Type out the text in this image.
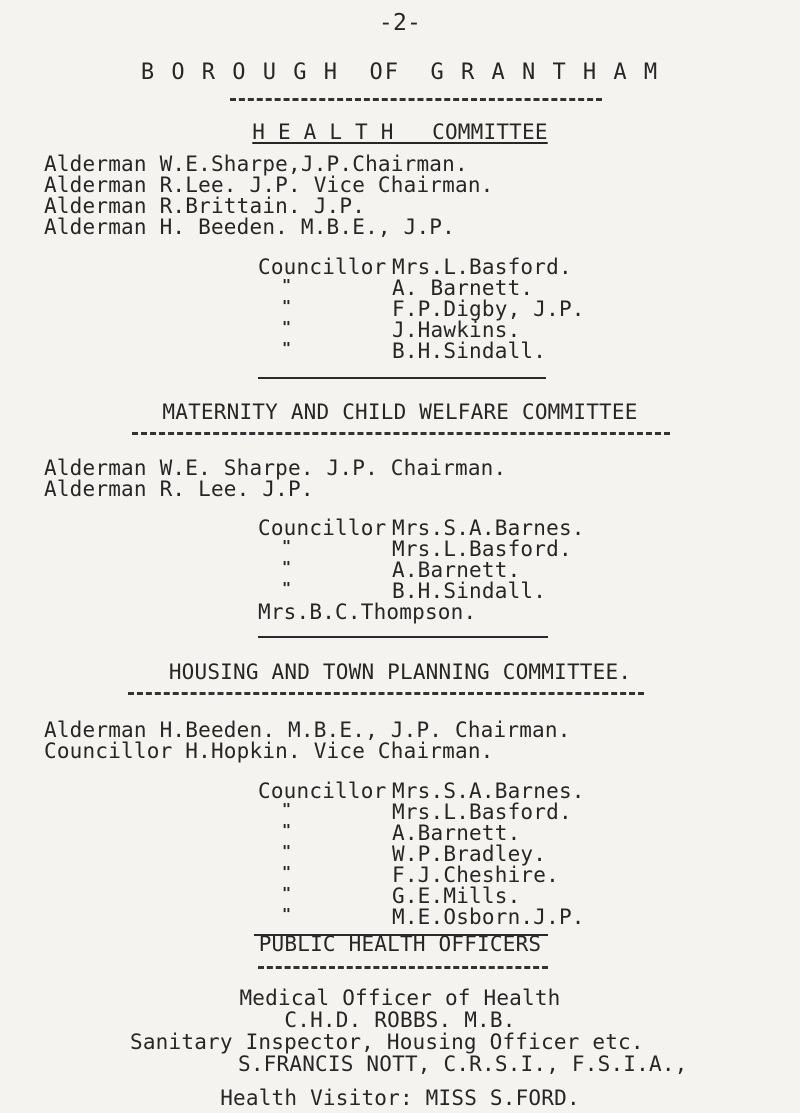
-2-
B O R O U G H  OF  G R A N T H A M
H E A L T H   COMMITTEE
Alderman W.E.Sharpe,J.P.Chairman.
Alderman R.Lee. J.P. Vice Chairman.
Alderman R.Brittain. J.P.
Alderman H. Beeden. M.B.E., J.P.
Councillor Mrs.L.Basford.
"	A. Barnett.
"	F.P.Digby, J.P.
"	J.Hawkins.
"	B.H.Sindall.
MATERNITY AND CHILD WELFARE COMMITTEE
Alderman W.E. Sharpe. J.P. Chairman.
Alderman R. Lee. J.P.
Councillor Mrs.S.A.Barnes.
"	Mrs.L.Basford.
"	A.Barnett.
"	B.H.Sindall.
Mrs.B.C.Thompson.
HOUSING AND TOWN PLANNING COMMITTEE.
Alderman H.Beeden. M.B.E., J.P. Chairman.
Councillor H.Hopkin. Vice Chairman.
Councillor Mrs.S.A.Barnes.
"	Mrs.L.Basford.
"	A.Barnett.
"	W.P.Bradley.
"	F.J.Cheshire.
"	G.E.Mills.
"	M.E.Osborn.J.P.
PUBLIC HEALTH OFFICERS
Medical Officer of Health
C.H.D. ROBBS. M.B.
Sanitary Inspector, Housing Officer etc.
S.FRANCIS NOTT, C.R.S.I., F.S.I.A.,
Health Visitor: MISS S.FORD.
